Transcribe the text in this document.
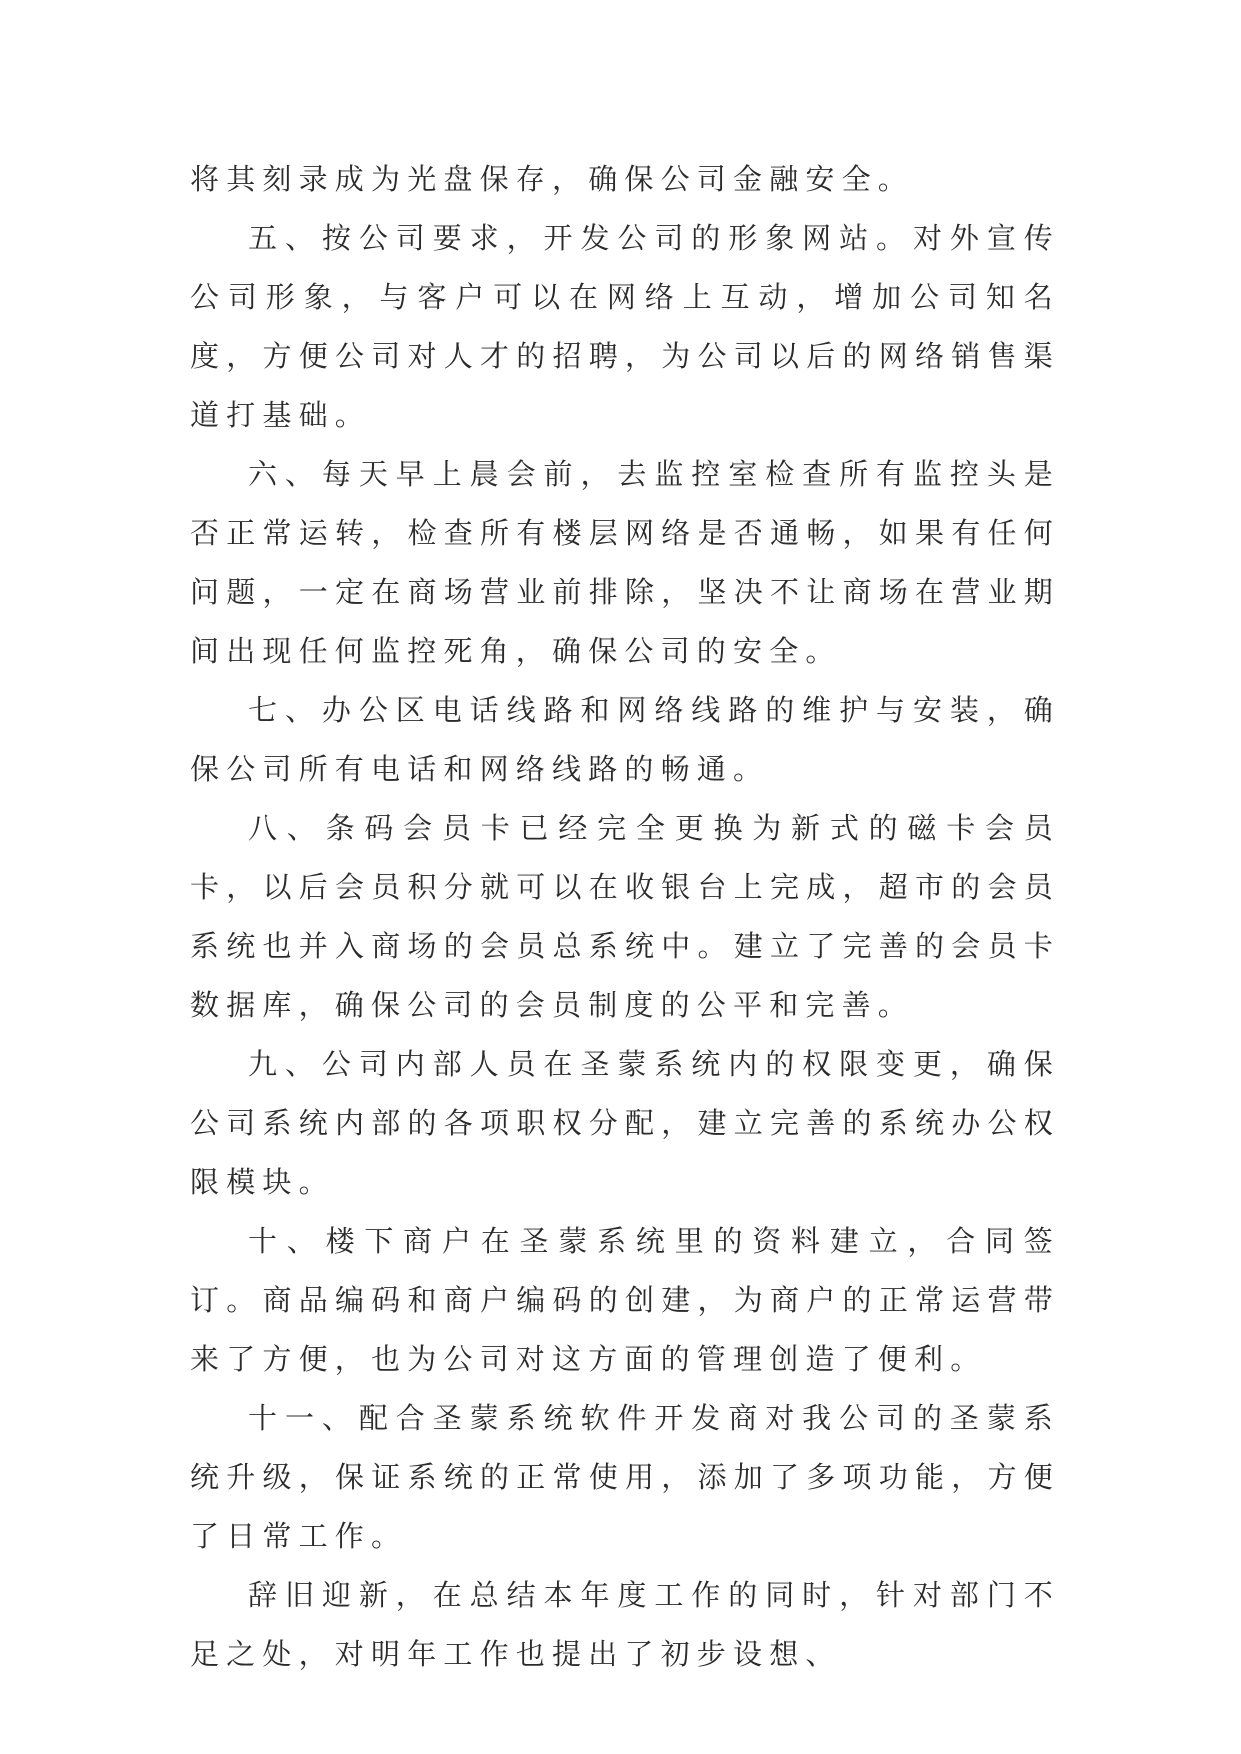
将其刻录成为光盘保存，确保公司金融安全。

五、按公司要求，开发公司的形象网站。对外宣传公司形象，与客户可以在网络上互动，增加公司知名度，方便公司对人才的招聘，为公司以后的网络销售渠道打基础。

六、每天早上晨会前，去监控室检查所有监控头是否正常运转，检查所有楼层网络是否通畅，如果有任何问题，一定在商场营业前排除，坚决不让商场在营业期间出现任何监控死角，确保公司的安全。

七、办公区电话线路和网络线路的维护与安装，确保公司所有电话和网络线路的畅通。

八、条码会员卡已经完全更换为新式的磁卡会员卡，以后会员积分就可以在收银台上完成，超市的会员系统也并入商场的会员总系统中。建立了完善的会员卡数据库，确保公司的会员制度的公平和完善。

九、公司内部人员在圣蒙系统内的权限变更，确保公司系统内部的各项职权分配，建立完善的系统办公权限模块。

十、楼下商户在圣蒙系统里的资料建立，合同签订。商品编码和商户编码的创建，为商户的正常运营带来了方便，也为公司对这方面的管理创造了便利。

十一、配合圣蒙系统软件开发商对我公司的圣蒙系统升级，保证系统的正常使用，添加了多项功能，方便了日常工作。

辞旧迎新，在总结本年度工作的同时，针对部门不足之处，对明年工作也提出了初步设想、
